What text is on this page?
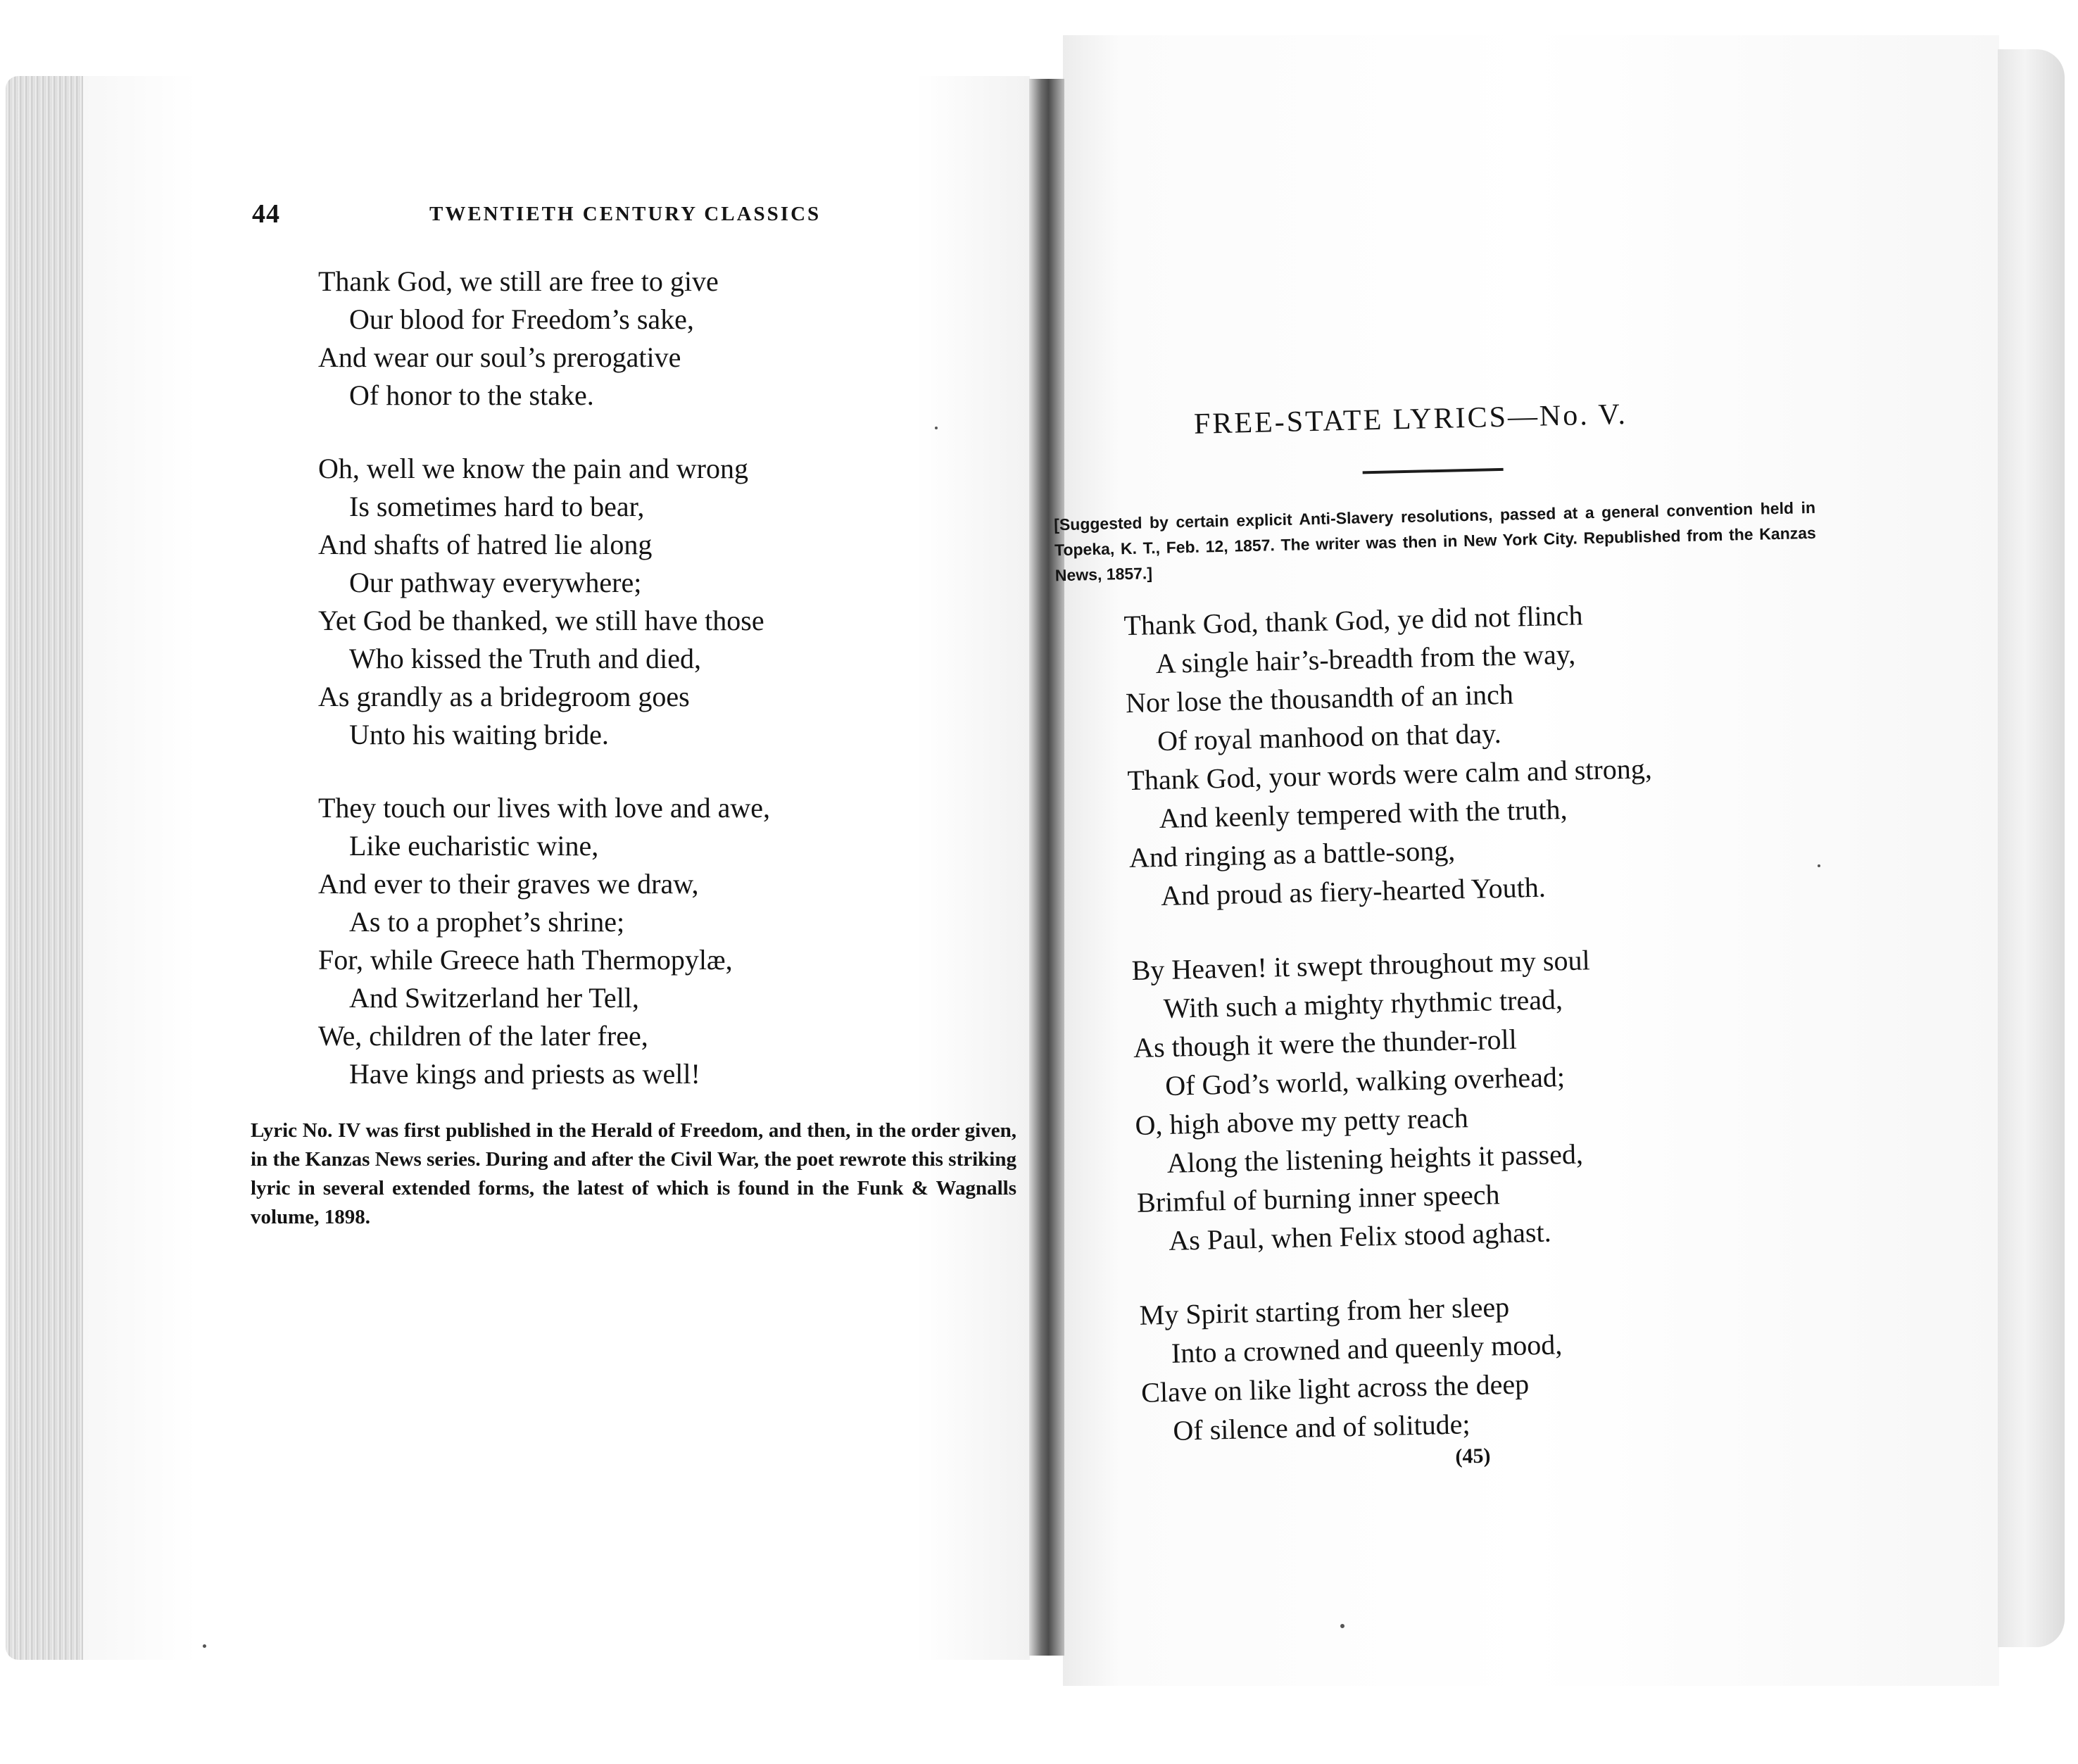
44	TWENTIETH CENTURY CLASSICS
Thank God, we still are free to give
Our blood for Freedom’s sake,
And wear our soul’s prerogative
Of honor to the stake.
Oh, well we know the pain and wrong
Is sometimes hard to bear,
And shafts of hatred lie along
Our pathway everywhere;
Yet God be thanked, we still have those
Who kissed the Truth and died,
As grandly as a bridegroom goes
Unto his waiting bride.
They touch our lives with love and awe,
Like eucharistic wine,
And ever to their graves we draw,
As to a prophet’s shrine;
For, while Greece hath Thermopylæ,
And Switzerland her Tell,
We, children of the later free,
Have kings and priests as well!
Lyric No. IV was first published in the Herald of Freedom, and then, in the order given, in the Kanzas News series. During and after the Civil War, the poet rewrote this striking lyric in several extended forms, the latest of which is found in the Funk & Wagnalls volume, 1898.
FREE-STATE LYRICS—No. V.
[Suggested by certain explicit Anti-Slavery resolutions, passed at a general convention held in Topeka, K. T., Feb. 12, 1857. The writer was then in New York City. Republished from the Kanzas News, 1857.]
Thank God, thank God, ye did not flinch
A single hair’s-breadth from the way,
Nor lose the thousandth of an inch
Of royal manhood on that day.
Thank God, your words were calm and strong,
And keenly tempered with the truth,
And ringing as a battle-song,
And proud as fiery-hearted Youth.
By Heaven! it swept throughout my soul
With such a mighty rhythmic tread,
As though it were the thunder-roll
Of God’s world, walking overhead;
O, high above my petty reach
Along the listening heights it passed,
Brimful of burning inner speech
As Paul, when Felix stood aghast.
My Spirit starting from her sleep
Into a crowned and queenly mood,
Clave on like light across the deep
Of silence and of solitude;
(45)
